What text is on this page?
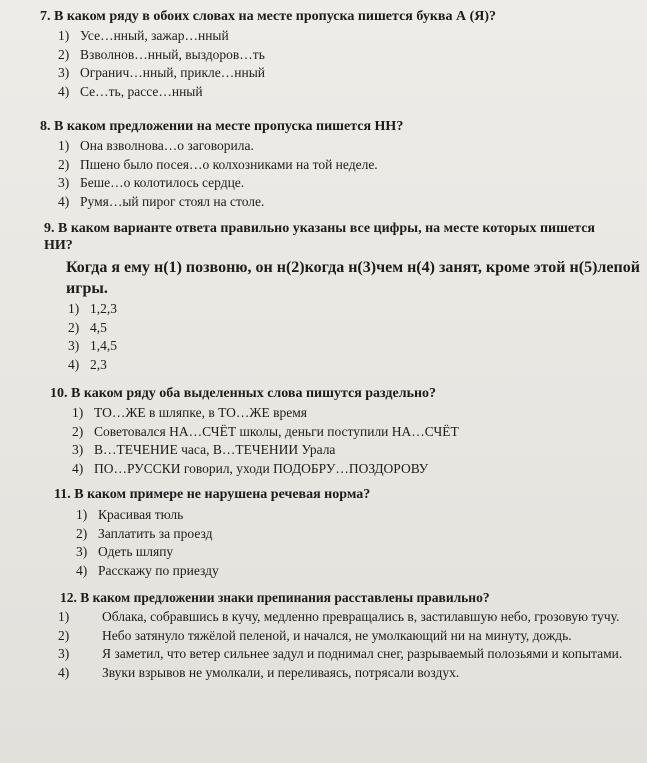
7. В каком ряду в обоих словах на месте пропуска пишется буква А (Я)?
1) Усе…нный, зажар…нный
2) Взволнов…нный, выздоров…ть
3) Огранич…нный, прикле…нный
4) Се…ть, рассе…нный
8. В каком предложении на месте пропуска пишется НН?
1) Она взволнова…о заговорила.
2) Пшено было посея…о колхозниками на той неделе.
3) Беше…о колотилось сердце.
4) Румя…ый пирог стоял на столе.
9. В каком варианте ответа правильно указаны все цифры, на месте которых пишется НИ?
Когда я ему н(1) позвоню, он н(2)когда н(3)чем н(4) занят, кроме этой н(5)лепой игры.
1) 1,2,3
2) 4,5
3) 1,4,5
4) 2,3
10. В каком ряду оба выделенных слова пишутся раздельно?
1) ТО…ЖЕ в шляпке, в ТО…ЖЕ время
2) Советовался НА…СЧЁТ школы, деньги поступили НА…СЧЁТ
3) В…ТЕЧЕНИЕ часа, В…ТЕЧЕНИИ Урала
4) ПО…РУССКИ говорил, уходи ПОДОБРУ…ПОЗДОРОВУ
11. В каком примере не нарушена речевая норма?
1) Красивая тюль
2) Заплатить за проезд
3) Одеть шляпу
4) Расскажу по приезду
12. В каком предложении знаки препинания расставлены правильно?
1) Облака, собравшись в кучу, медленно превращались в, застилавшую небо, грозовую тучу.
2) Небо затянуло тяжёлой пеленой, и начался, не умолкающий ни на минуту, дождь.
3) Я заметил, что ветер сильнее задул и поднимал снег, разрываемый полозьями и копытами.
4) Звуки взрывов не умолкали, и переливаясь, потрясали воздух.
